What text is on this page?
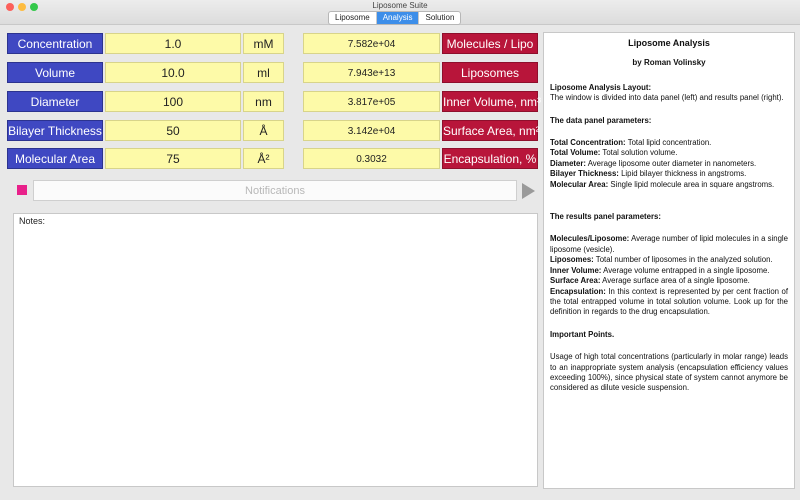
Liposome Suite
Liposome	Analysis	Solution
Concentration	1.0	mM
Volume	10.0	ml
Diameter	100	nm
Bilayer Thickness	50	Å
Molecular Area	75	Å²
7.582e+04	Molecules / Lipo
7.943e+13	Liposomes
3.817e+05	Inner Volume, nm³
3.142e+04	Surface Area, nm²
0.3032	Encapsulation, %
Notifications
Notes:
Liposome Analysis
by Roman Volinsky

Liposome Analysis Layout:

The window is divided into data panel (left) and results panel (right).

The data panel parameters:

Total Concentration: Total lipid concentration.

Total Volume: Total solution volume.

Diameter: Average liposome outer diameter in nanometers.

Bilayer Thickness: Lipid bilayer thickness in angstroms.

Molecular Area: Single lipid molecule area in square angstroms.

The results panel parameters:

Molecules/Liposome: Average number of lipid molecules in a single liposome (vesicle).

Liposomes: Total number of liposomes in the analyzed solution.

Inner Volume: Average volume entrapped in a single liposome.

Surface Area: Average surface area of a single liposome.

Encapsulation: In this context is represented by per cent fraction of the total entrapped volume in total solution volume. Look up for the definition in regards to the drug encapsulation.

Important Points.

Usage of high total concentrations (particularly in molar range) leads to an inappropriate system analysis (encapsulation efficiency values exceeding 100%), since physical state of system cannot anymore be considered as dilute vesicle suspension.
